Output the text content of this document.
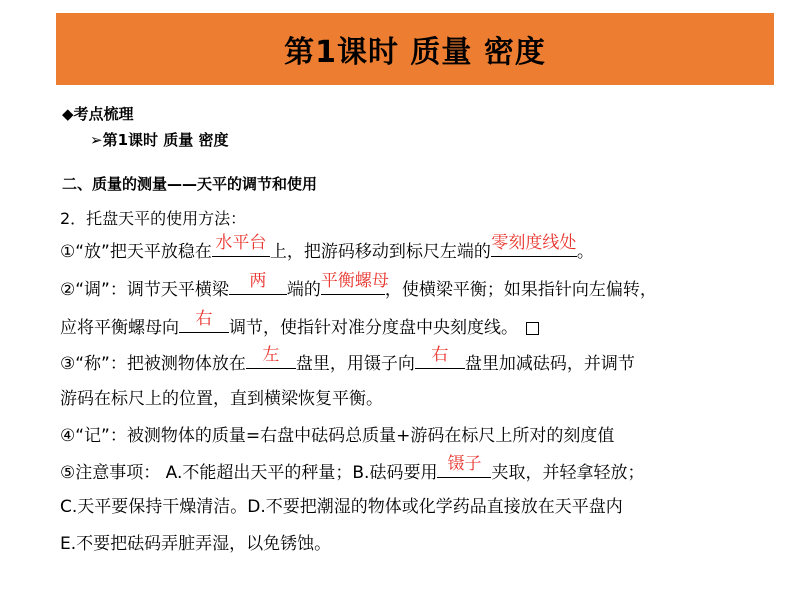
第1课时 质量 密度
◆考点梳理
➢第1课时 质量 密度
二、质量的测量——天平的调节和使用
2．托盘天平的使用方法：
①“放”把天平放稳在 水平台 上，把游码移动到标尺左端的 零刻度线处 。
②“调”：调节天平横梁	两	端的 平衡螺母
，使横梁平衡；如果指针向左偏转，
应将平衡螺母向 右 调节，使指针对准分度盘中央刻度线。
③“称”：把被测物体放在 左 盘里，用镊子向 右 盘里加减砝码，并调节
游码在标尺上的位置，直到横梁恢复平衡。
④“记”：被测物体的质量=右盘中砝码总质量+游码在标尺上所对的刻度值
⑤注意事项： A.不能超出天平的秤量；B.砝码要用 镊子 夹取，并轻拿轻放；
C.天平要保持干燥清洁。D.不要把潮湿的物体或化学药品直接放在天平盘内
E.不要把砝码弄脏弄湿，以免锈蚀。
